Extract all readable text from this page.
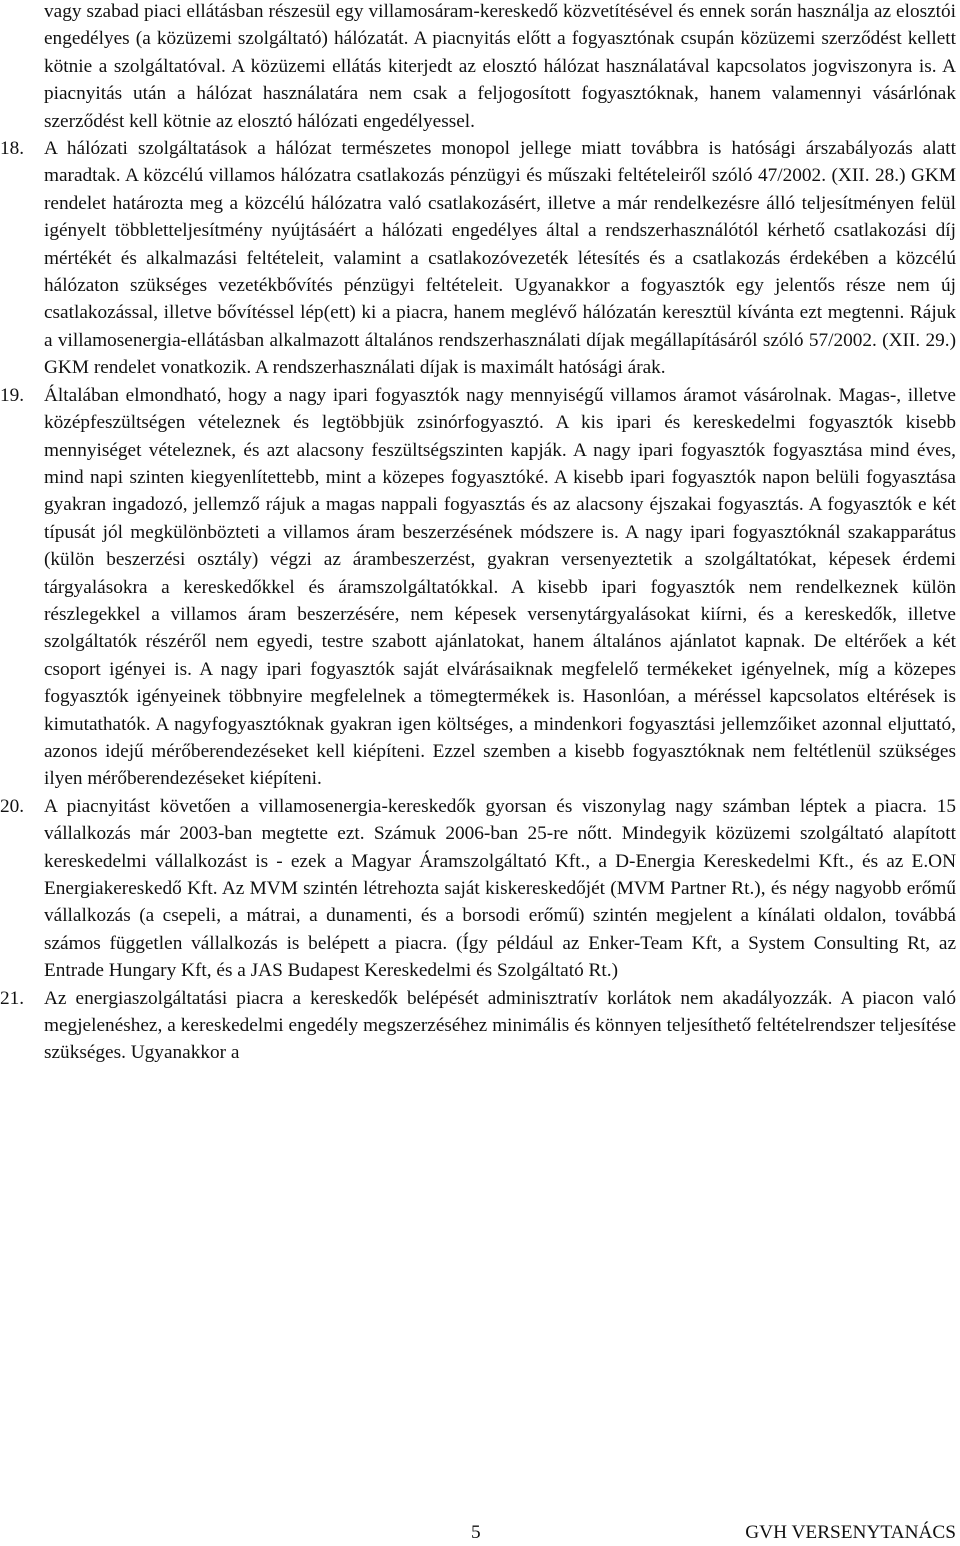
vagy szabad piaci ellátásban részesül egy villamosáram-kereskedő közvetítésével és ennek során használja az elosztói engedélyes (a közüzemi szolgáltató) hálózatát. A piacnyitás előtt a fogyasztónak csupán közüzemi szerződést kellett kötnie a szolgáltatóval. A közüzemi ellátás kiterjedt az elosztó hálózat használatával kapcsolatos jogviszonyra is. A piacnyitás után a hálózat használatára nem csak a feljogosított fogyasztóknak, hanem valamennyi vásárlónak szerződést kell kötnie az elosztó hálózati engedélyessel.

18.	A hálózati szolgáltatások a hálózat természetes monopol jellege miatt továbbra is hatósági árszabályozás alatt maradtak. A közcélú villamos hálózatra csatlakozás pénzügyi és műszaki feltételeiről szóló 47/2002. (XII. 28.) GKM rendelet határozta meg a közcélú hálózatra való csatlakozásért, illetve a már rendelkezésre álló teljesítményen felül igényelt többletteljesítmény nyújtásáért a hálózati engedélyes által a rendszerhasználótól kérhető csatlakozási díj mértékét és alkalmazási feltételeit, valamint a csatlakozóvezeték létesítés és a csatlakozás érdekében a közcélú hálózaton szükséges vezetékbővítés pénzügyi feltételeit. Ugyanakkor a fogyasztók egy jelentős része nem új csatlakozással, illetve bővítéssel lép(ett) ki a piacra, hanem meglévő hálózatán keresztül kívánta ezt megtenni. Rájuk a villamosenergia-ellátásban alkalmazott általános rendszerhasználati díjak megállapításáról szóló 57/2002. (XII. 29.) GKM rendelet vonatkozik. A rendszerhasználati díjak is maximált hatósági árak.
19.	Általában elmondható, hogy a nagy ipari fogyasztók nagy mennyiségű villamos áramot vásárolnak. Magas-, illetve középfeszültségen vételeznek és legtöbbjük zsinórfogyasztó. A kis ipari és kereskedelmi fogyasztók kisebb mennyiséget vételeznek, és azt alacsony feszültségszinten kapják. A nagy ipari fogyasztók fogyasztása mind éves, mind napi szinten kiegyenlítettebb, mint a közepes fogyasztóké. A kisebb ipari fogyasztók napon belüli fogyasztása gyakran ingadozó, jellemző rájuk a magas nappali fogyasztás és az alacsony éjszakai fogyasztás. A fogyasztók e két típusát jól megkülönbözteti a villamos áram beszerzésének módszere is. A nagy ipari fogyasztóknál szakapparátus (külön beszerzési osztály) végzi az árambeszerzést, gyakran versenyeztetik a szolgáltatókat, képesek érdemi tárgyalásokra a kereskedőkkel és áramszolgáltatókkal. A kisebb ipari fogyasztók nem rendelkeznek külön részlegekkel a villamos áram beszerzésére, nem képesek versenytárgyalásokat kiírni, és a kereskedők, illetve szolgáltatók részéről nem egyedi, testre szabott ajánlatokat, hanem általános ajánlatot kapnak. De eltérőek a két csoport igényei is. A nagy ipari fogyasztók saját elvárásaiknak megfelelő termékeket igényelnek, míg a közepes fogyasztók igényeinek többnyire megfelelnek a tömegtermékek is. Hasonlóan, a méréssel kapcsolatos eltérések is kimutathatók. A nagyfogyasztóknak gyakran igen költséges, a mindenkori fogyasztási jellemzőiket azonnal eljuttató, azonos idejű mérőberendezéseket kell kiépíteni. Ezzel szemben a kisebb fogyasztóknak nem feltétlenül szükséges ilyen mérőberendezéseket kiépíteni.
20.	A piacnyitást követően a villamosenergia-kereskedők gyorsan és viszonylag nagy számban léptek a piacra. 15 vállalkozás már 2003-ban megtette ezt. Számuk 2006-ban 25-re nőtt. Mindegyik közüzemi szolgáltató alapított kereskedelmi vállalkozást is - ezek a Magyar Áramszolgáltató Kft., a D-Energia Kereskedelmi Kft., és az E.ON Energiakereskedő Kft. Az MVM szintén létrehozta saját kiskereskedőjét (MVM Partner Rt.), és négy nagyobb erőmű vállalkozás (a csepeli, a mátrai, a dunamenti, és a borsodi erőmű) szintén megjelent a kínálati oldalon, továbbá számos független vállalkozás is belépett a piacra. (Így például az Enker-Team Kft, a System Consulting Rt, az Entrade Hungary Kft, és a JAS Budapest Kereskedelmi és Szolgáltató Rt.)
21.	Az energiaszolgáltatási piacra a kereskedők belépését adminisztratív korlátok nem akadályozzák. A piacon való megjelenéshez, a kereskedelmi engedély megszerzéséhez minimális és könnyen teljesíthető feltételrendszer teljesítése szükséges. Ugyanakkor a
5	GVH VERSENYTANÁCS
